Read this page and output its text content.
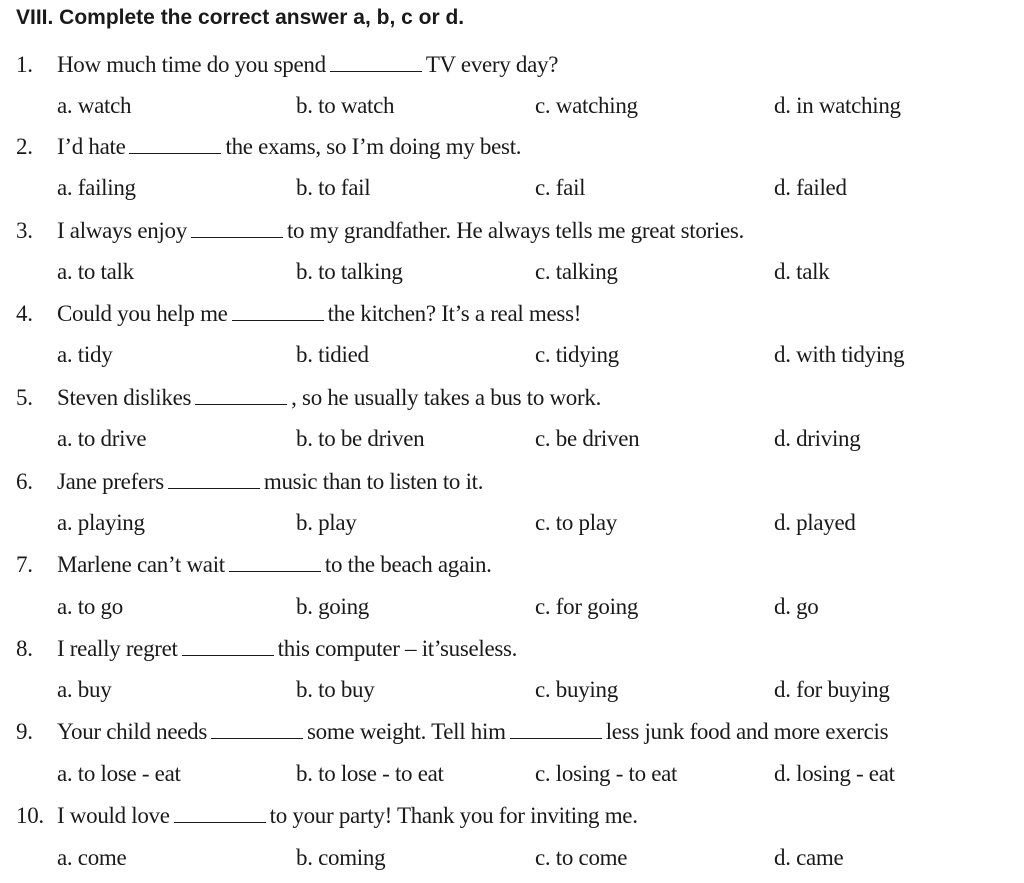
VIII. Complete the correct answer a, b, c or d.
1. How much time do you spend	TV every day?
a. watch	b. to watch	c. watching	d. in watching
2. I’d hate	the exams, so I’m doing my best.
a. failing	b. to fail	c. fail	d. failed
3. I always enjoy	to my grandfather. He always tells me great stories.
a. to talk	b. to talking	c. talking	d. talk
4. Could you help me	the kitchen? It’s a real mess!
a. tidy	b. tidied	c. tidying	d. with tidying
5. Steven dislikes	, so he usually takes a bus to work.
a. to drive	b. to be driven	c. be driven	d. driving
6. Jane prefers	music than to listen to it.
a. playing	b. play	c. to play	d. played
7. Marlene can’t wait	to the beach again.
a. to go	b. going	c. for going	d. go
8. I really regret	this computer – it’suseless.
a. buy	b. to buy	c. buying	d. for buying
9. Your child needs	some weight. Tell him	less junk food and more exercis
a. to lose - eat	b. to lose - to eat	c. losing - to eat	d. losing - eat
10. I would love	to your party! Thank you for inviting me.
a. come	b. coming	c. to come	d. came
